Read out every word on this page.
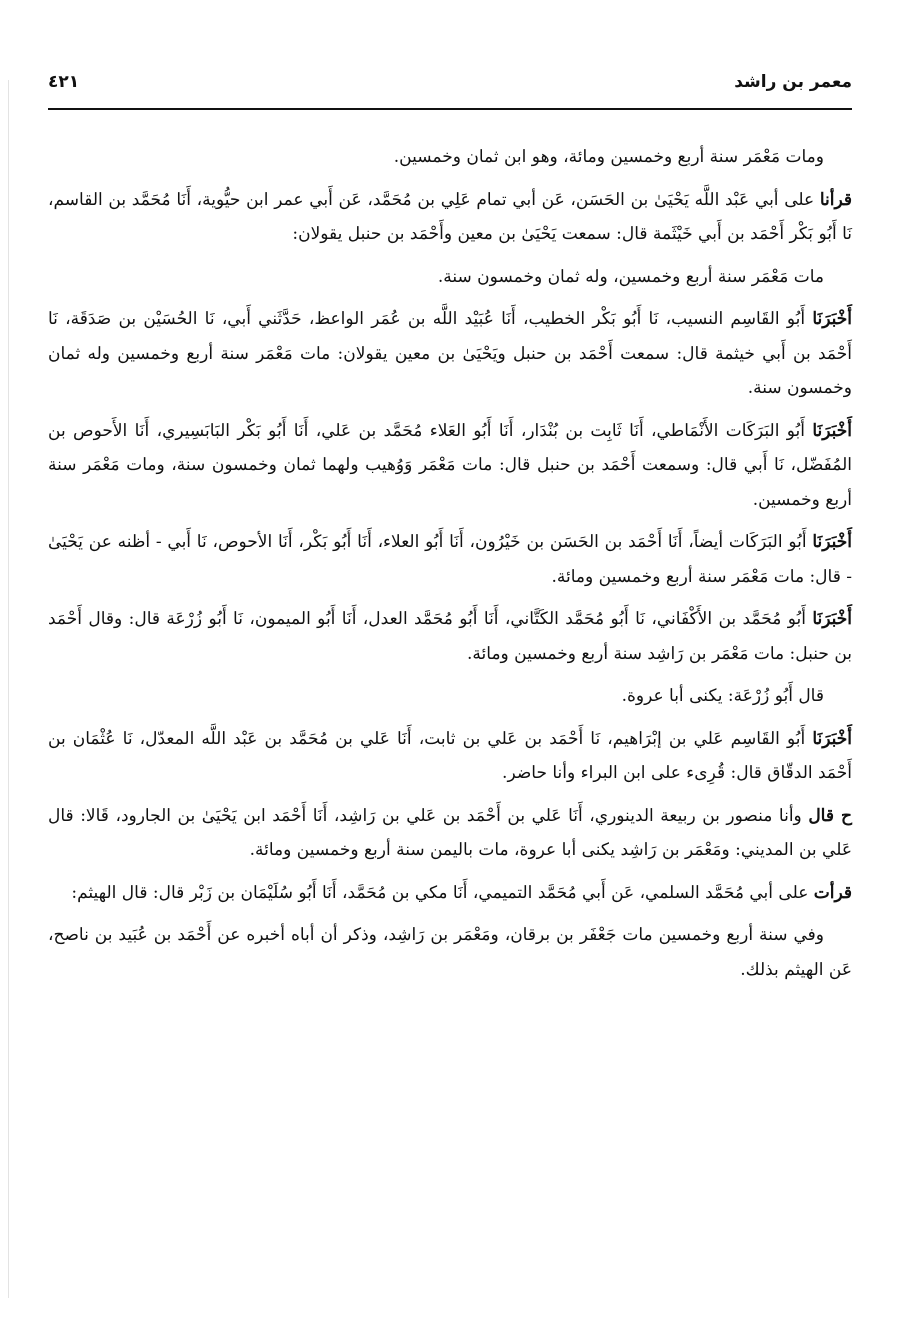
معمر بن راشد
٤٢١

ومات مَعْمَر سنة أربع وخمسين ومائة، وهو ابن ثمان وخمسين.

قرأنا على أبي عَبْد اللَّه يَحْيَىٰ بن الحَسَن، عَن أبي تمام عَلِي بن مُحَمَّد، عَن أَبي عمر ابن حيُّوية، أَنَا مُحَمَّد بن القاسم، نَا أَبُو بَكْر أَحْمَد بن أَبي خَيْثَمة قال: سمعت يَحْيَىٰ بن معين وأَحْمَد بن حنبل يقولان:

مات مَعْمَر سنة أربع وخمسين، وله ثمان وخمسون سنة.

أَخْبَرَنَا أَبُو القَاسِم النسيب، نَا أَبُو بَكْر الخطيب، أَنَا عُبَيْد اللَّه بن عُمَر الواعظ، حَدَّثَني أَبي، نَا الحُسَيْن بن صَدَقَة، نَا أَحْمَد بن أَبي خيثمة قال: سمعت أَحْمَد بن حنبل ويَحْيَىٰ بن معين يقولان: مات مَعْمَر سنة أربع وخمسين وله ثمان وخمسون سنة.

أَخْبَرَنَا أَبُو البَرَكَات الأَنْمَاطي، أَنَا ثَابِت بن بُنْدَار، أَنَا أَبُو العَلاء مُحَمَّد بن عَلي، أَنَا أَبُو بَكْر البَابَسِيري، أَنَا الأَحوص بن المُفَضّل، نَا أَبي قال: وسمعت أَحْمَد بن حنبل قال: مات مَعْمَر وَوُهيب ولهما ثمان وخمسون سنة، ومات مَعْمَر سنة أربع وخمسين.

أَخْبَرَنَا أَبُو البَرَكَات أيضاً، أَنَا أَحْمَد بن الحَسَن بن خَيْرُون، أَنَا أَبُو العلاء، أَنَا أَبُو بَكْر، أَنَا الأحوص، نَا أَبي - أظنه عن يَحْيَىٰ - قال: مات مَعْمَر سنة أربع وخمسين ومائة.

أَخْبَرَنَا أَبُو مُحَمَّد بن الأَكْفَاني، نَا أَبُو مُحَمَّد الكَتَّاني، أَنَا أَبُو مُحَمَّد العدل، أَنَا أَبُو الميمون، نَا أَبُو زُرْعَة قال: وقال أَحْمَد بن حنبل: مات مَعْمَر بن رَاشِد سنة أربع وخمسين ومائة.

قال أَبُو زُرْعَة: يكنى أبا عروة.

أَخْبَرَنَا أَبُو القَاسِم عَلي بن إبْرَاهيم، نَا أَحْمَد بن عَلي بن ثابت، أَنَا عَلي بن مُحَمَّد بن عَبْد اللَّه المعدّل، نَا عُثْمَان بن أَحْمَد الدقّاق قال: قُرِىء على ابن البراء وأنا حاضر.

ح قال وأنا منصور بن ربيعة الدينوري، أَنَا عَلي بن أَحْمَد بن عَلي بن رَاشِد، أَنَا أَحْمَد ابن يَحْيَىٰ بن الجارود، قَالا: قال عَلي بن المديني: ومَعْمَر بن رَاشِد يكنى أبا عروة، مات باليمن سنة أربع وخمسين ومائة.

قرأت على أبي مُحَمَّد السلمي، عَن أَبي مُحَمَّد التميمي، أَنَا مكي بن مُحَمَّد، أَنَا أَبُو سُلَيْمَان بن زَبْر قال: قال الهيثم:

وفي سنة أربع وخمسين مات جَعْفَر بن برقان، ومَعْمَر بن رَاشِد، وذكر أن أباه أخبره عن أَحْمَد بن عُبَيد بن ناصح، عَن الهيثم بذلك.
